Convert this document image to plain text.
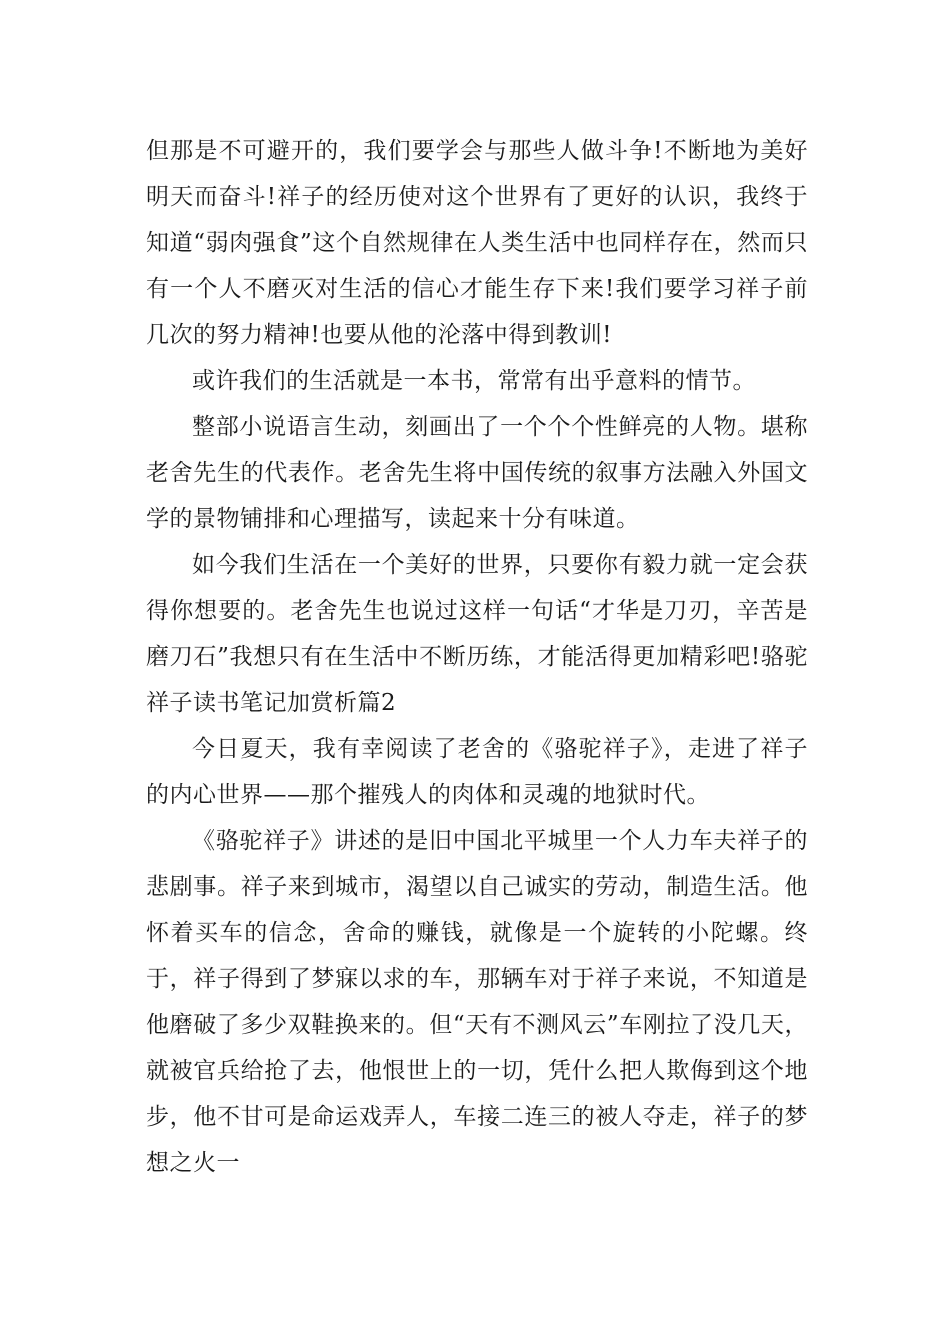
但那是不可避开的，我们要学会与那些人做斗争!不断地为美好明天而奋斗!祥子的经历使对这个世界有了更好的认识，我终于知道“弱肉强食”这个自然规律在人类生活中也同样存在，然而只有一个人不磨灭对生活的信心才能生存下来!我们要学习祥子前几次的努力精神!也要从他的沦落中得到教训!

或许我们的生活就是一本书，常常有出乎意料的情节。

整部小说语言生动，刻画出了一个个个性鲜亮的人物。堪称老舍先生的代表作。老舍先生将中国传统的叙事方法融入外国文学的景物铺排和心理描写，读起来十分有味道。

如今我们生活在一个美好的世界，只要你有毅力就一定会获得你想要的。老舍先生也说过这样一句话“才华是刀刃，辛苦是磨刀石”我想只有在生活中不断历练，才能活得更加精彩吧!骆驼祥子读书笔记加赏析篇2

今日夏天，我有幸阅读了老舍的《骆驼祥子》，走进了祥子的内心世界——那个摧残人的肉体和灵魂的地狱时代。

《骆驼祥子》讲述的是旧中国北平城里一个人力车夫祥子的悲剧事。祥子来到城市，渴望以自己诚实的劳动，制造生活。他怀着买车的信念，舍命的赚钱，就像是一个旋转的小陀螺。终于，祥子得到了梦寐以求的车，那辆车对于祥子来说，不知道是他磨破了多少双鞋换来的。但“天有不测风云”车刚拉了没几天，就被官兵给抢了去，他恨世上的一切，凭什么把人欺侮到这个地步，他不甘可是命运戏弄人，车接二连三的被人夺走，祥子的梦想之火一
